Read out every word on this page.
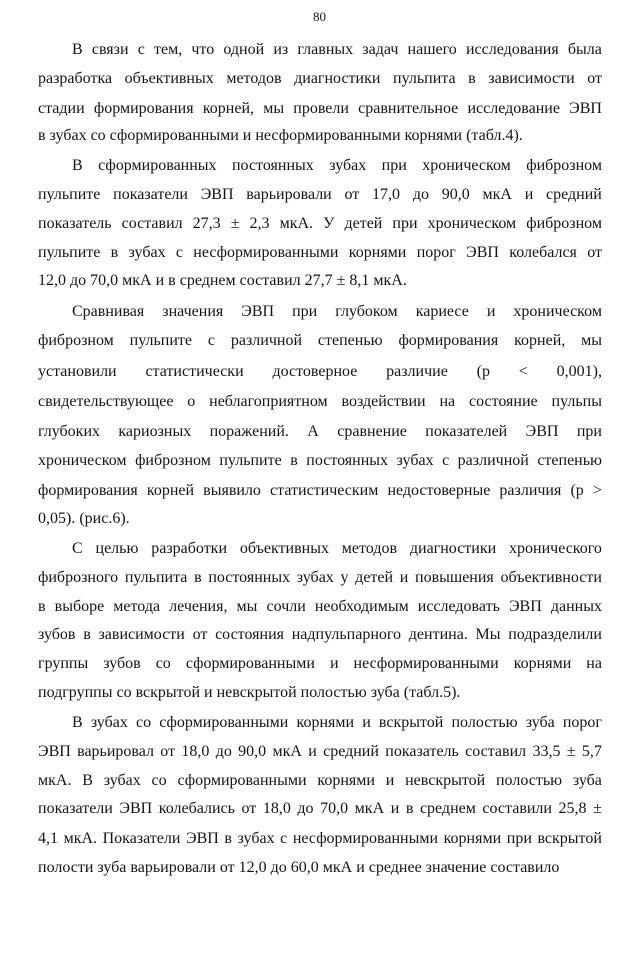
80
В связи с тем, что одной из главных задач нашего исследования была
разработка объективных методов диагностики пульпита в зависимости от
стадии формирования корней, мы провели сравнительное исследование ЭВП
в зубах со сформированными и несформированными корнями (табл.4).
В сформированных постоянных зубах при хроническом фиброзном
пульпите показатели ЭВП варьировали от 17,0 до 90,0 мкА и средний
показатель составил 27,3 ± 2,3 мкА. У детей при хроническом фиброзном
пульпите в зубах с несформированными корнями порог ЭВП колебался от
12,0 до 70,0 мкА и в среднем составил 27,7 ± 8,1 мкА.
Сравнивая значения ЭВП при глубоком кариесе и хроническом
фиброзном пульпите с различной степенью формирования корней, мы
установили статистически достоверное различие (р < 0,001),
свидетельствующее о неблагоприятном воздействии на состояние пульпы
глубоких кариозных поражений. А сравнение показателей ЭВП при
хроническом фиброзном пульпите в постоянных зубах с различной степенью
формирования корней выявило статистическим недостоверные различия (р >
0,05). (рис.6).
С целью разработки объективных методов диагностики хронического
фиброзного пульпита в постоянных зубах у детей и повышения объективности
в выборе метода лечения, мы сочли необходимым исследовать ЭВП данных
зубов в зависимости от состояния надпульпарного дентина. Мы подразделили
группы зубов со сформированными и несформированными корнями на
подгруппы со вскрытой и невскрытой полостью зуба (табл.5).
В зубах со сформированными корнями и вскрытой полостью зуба порог
ЭВП варьировал от 18,0 до 90,0 мкА и средний показатель составил 33,5 ± 5,7
мкА. В зубах со сформированными корнями и невскрытой полостью зуба
показатели ЭВП колебались от 18,0 до 70,0 мкА и в среднем составили 25,8 ±
4,1 мкА. Показатели ЭВП в зубах с несформированными корнями при вскрытой
полости зуба варьировали от 12,0 до 60,0 мкА и среднее значение составило
